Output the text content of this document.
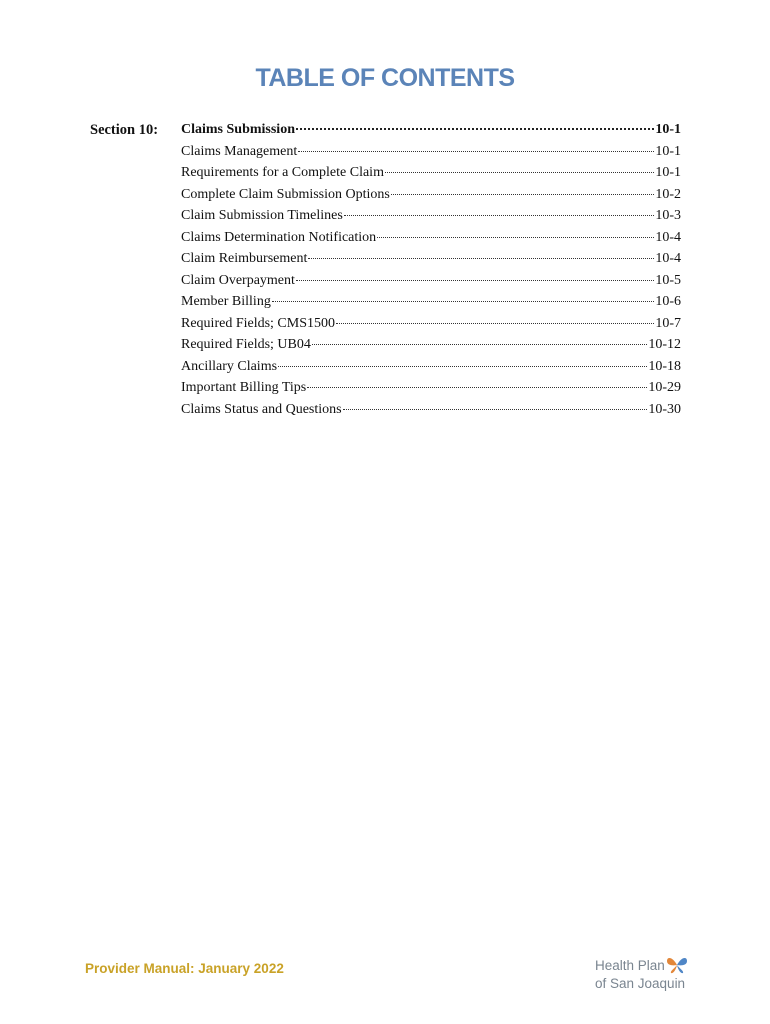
TABLE OF CONTENTS
Section 10: Claims Submission	10-1
Claims Management	10-1
Requirements for a Complete Claim	10-1
Complete Claim Submission Options	10-2
Claim Submission Timelines	10-3
Claims Determination Notification	10-4
Claim Reimbursement	10-4
Claim Overpayment	10-5
Member Billing	10-6
Required Fields; CMS1500	10-7
Required Fields; UB04	10-12
Ancillary Claims	10-18
Important Billing Tips	10-29
Claims Status and Questions	10-30
Provider Manual: January 2022	Health Plan
of San Joaquin
